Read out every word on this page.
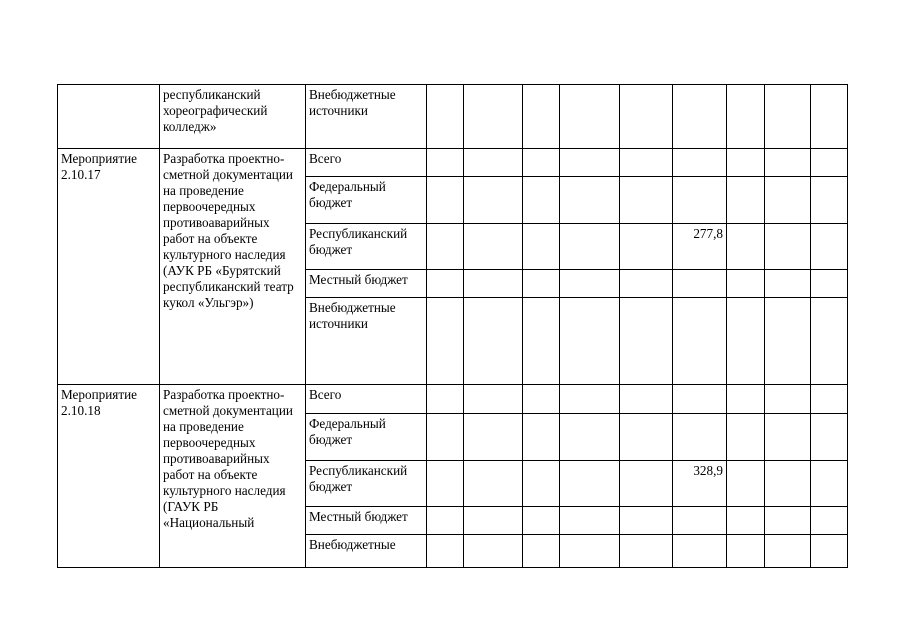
	республиканский хореографический колледж»	Внебюджетные источники									

Мероприятие 2.10.17	Разработка проектно-сметной документации на проведение первоочередных противоаварийных работ на объекте культурного наследия (АУК РБ «Бурятский республиканский театр кукол «Ульгэр»)	Всего									

		Федеральный бюджет									

		Республиканский бюджет						277,8			

		Местный бюджет									

		Внебюджетные источники									

Мероприятие 2.10.18	Разработка проектно-сметной документации на проведение первоочередных противоаварийных работ на объекте культурного наследия (ГАУК РБ «Национальный	Всего									

		Федеральный бюджет									

		Республиканский бюджет						328,9			

		Местный бюджет									

		Внебюджетные									
